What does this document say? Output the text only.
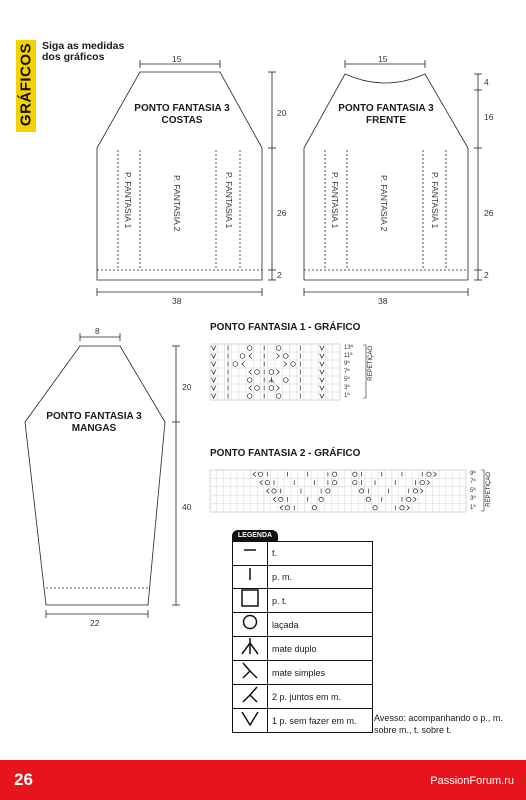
GRÁFICOS Siga as medidas dos gráficos
PONTO FANTASIA 3
COSTAS
15
38
20
26
2
P. FANTASIA 1	P. FANTASIA 2	P. FANTASIA 1
PONTO FANTASIA 3
FRENTE
15
38
4
16
26
2
P. FANTASIA 1	P. FANTASIA 2	P. FANTASIA 1
PONTO FANTASIA 3
MANGAS
8
22
20
40
PONTO FANTASIA 1 - GRÁFICO
13ª
11ª
9ª
7ª
5ª
3ª
1ª
REPETIÇÃO
PONTO FANTASIA 2 - GRÁFICO
9ª
7ª
5ª
3ª
1ª
REPETIÇÃO
LEGENDA
	t.
	p. m.
	p. t.
	laçada
	mate duplo
	mate simples
	2 p. juntos em m.
	1 p. sem fazer em m. Avesso: acompanhando o p., m. sobre m., t. sobre t.
26	PassionForum.ru
